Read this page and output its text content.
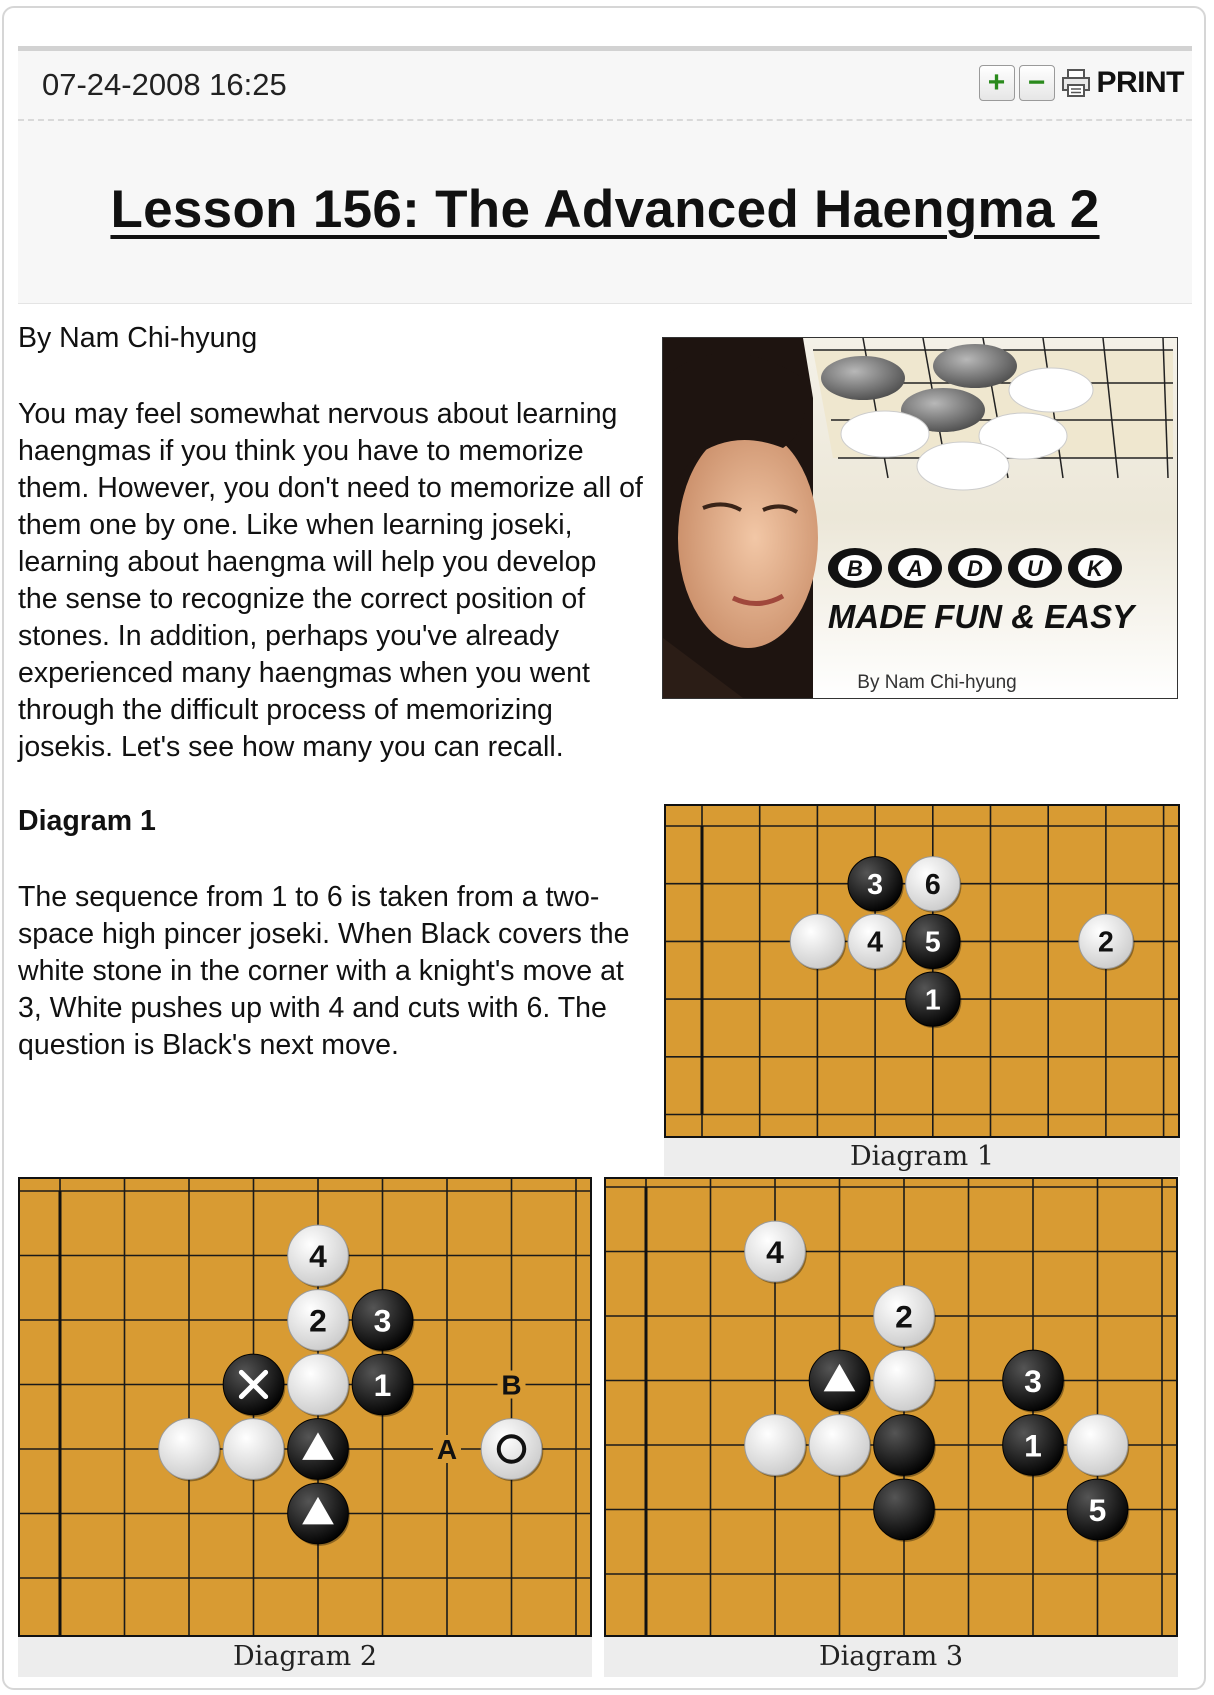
07-24-2008 16:25	+ −	PRINT
Lesson 156: The Advanced Haengma 2

By Nam Chi-hyung

You may feel somewhat nervous about learning haengmas if you think you have to memorize them. However, you don't need to memorize all of them one by one. Like when learning joseki, learning about haengma will help you develop the sense to recognize the correct position of stones. In addition, perhaps you've already experienced many haengmas when you went through the difficult process of memorizing josekis. Let's see how many you can recall.
B A D U K
MADE FUN & EASY
By Nam Chi-hyung

Diagram 1

The sequence from 1 to 6 is taken from a two-space high pincer joseki. When Black covers the white stone in the corner with a knight's move at 3, White pushes up with 4 and cuts with 6. The question is Black's next move.

3 6
4 5	2
1
Diagram 1
B
A
4
2 3
1
Diagram 2
4
2
3
1
5
Diagram 3
